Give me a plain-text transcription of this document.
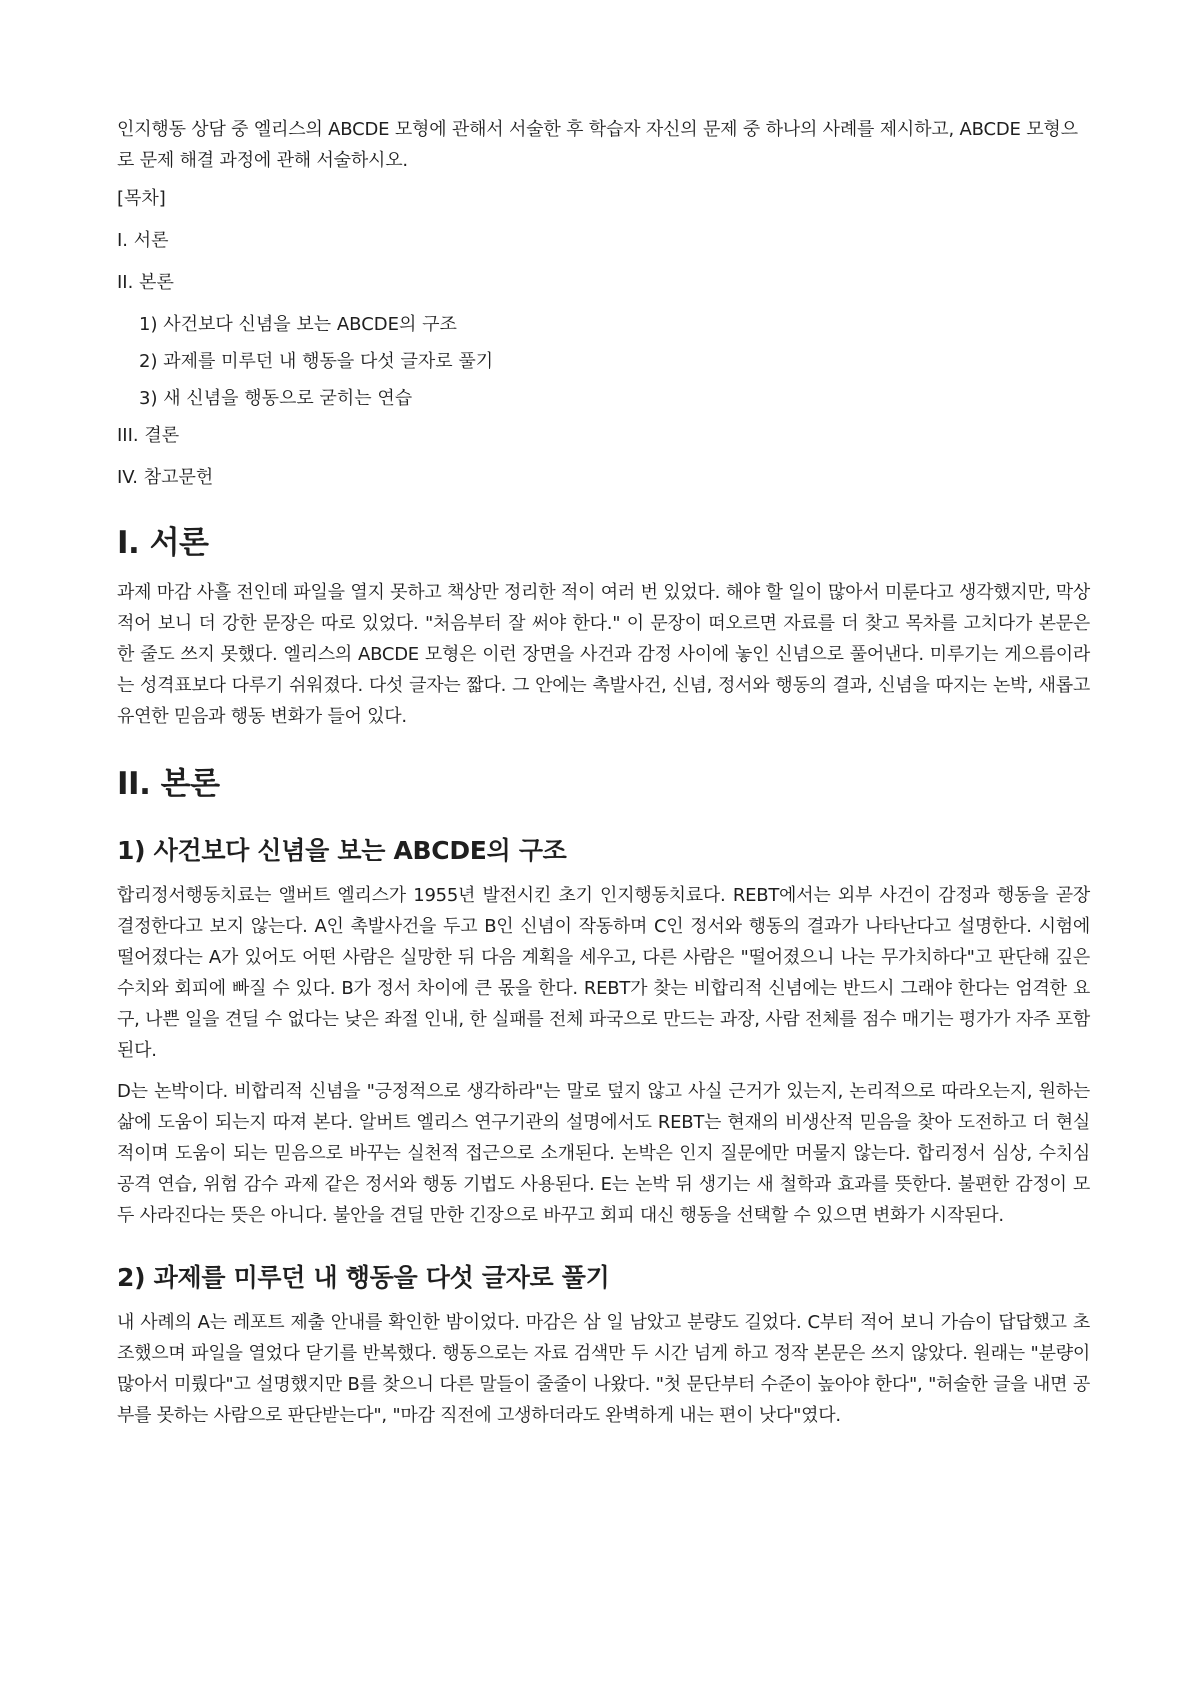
인지행동 상담 중 엘리스의 ABCDE 모형에 관해서 서술한 후 학습자 자신의 문제 중 하나의 사례를 제시하고, ABCDE 모형으로 문제 해결 과정에 관해 서술하시오.

[목차]

I. 서론

II. 본론

1) 사건보다 신념을 보는 ABCDE의 구조

2) 과제를 미루던 내 행동을 다섯 글자로 풀기

3) 새 신념을 행동으로 굳히는 연습

III. 결론

IV. 참고문헌

I. 서론

과제 마감 사흘 전인데 파일을 열지 못하고 책상만 정리한 적이 여러 번 있었다. 해야 할 일이 많아서 미룬다고 생각했지만, 막상 적어 보니 더 강한 문장은 따로 있었다. "처음부터 잘 써야 한다." 이 문장이 떠오르면 자료를 더 찾고 목차를 고치다가 본문은 한 줄도 쓰지 못했다. 엘리스의 ABCDE 모형은 이런 장면을 사건과 감정 사이에 놓인 신념으로 풀어낸다. 미루기는 게으름이라는 성격표보다 다루기 쉬워졌다. 다섯 글자는 짧다. 그 안에는 촉발사건, 신념, 정서와 행동의 결과, 신념을 따지는 논박, 새롭고 유연한 믿음과 행동 변화가 들어 있다.

II. 본론
1) 사건보다 신념을 보는 ABCDE의 구조

합리정서행동치료는 앨버트 엘리스가 1955년 발전시킨 초기 인지행동치료다. REBT에서는 외부 사건이 감정과 행동을 곧장 결정한다고 보지 않는다. A인 촉발사건을 두고 B인 신념이 작동하며 C인 정서와 행동의 결과가 나타난다고 설명한다. 시험에 떨어졌다는 A가 있어도 어떤 사람은 실망한 뒤 다음 계획을 세우고, 다른 사람은 "떨어졌으니 나는 무가치하다"고 판단해 깊은 수치와 회피에 빠질 수 있다. B가 정서 차이에 큰 몫을 한다. REBT가 찾는 비합리적 신념에는 반드시 그래야 한다는 엄격한 요구, 나쁜 일을 견딜 수 없다는 낮은 좌절 인내, 한 실패를 전체 파국으로 만드는 과장, 사람 전체를 점수 매기는 평가가 자주 포함된다.

D는 논박이다. 비합리적 신념을 "긍정적으로 생각하라"는 말로 덮지 않고 사실 근거가 있는지, 논리적으로 따라오는지, 원하는 삶에 도움이 되는지 따져 본다. 알버트 엘리스 연구기관의 설명에서도 REBT는 현재의 비생산적 믿음을 찾아 도전하고 더 현실적이며 도움이 되는 믿음으로 바꾸는 실천적 접근으로 소개된다. 논박은 인지 질문에만 머물지 않는다. 합리정서 심상, 수치심 공격 연습, 위험 감수 과제 같은 정서와 행동 기법도 사용된다. E는 논박 뒤 생기는 새 철학과 효과를 뜻한다. 불편한 감정이 모두 사라진다는 뜻은 아니다. 불안을 견딜 만한 긴장으로 바꾸고 회피 대신 행동을 선택할 수 있으면 변화가 시작된다.

2) 과제를 미루던 내 행동을 다섯 글자로 풀기

내 사례의 A는 레포트 제출 안내를 확인한 밤이었다. 마감은 삼 일 남았고 분량도 길었다. C부터 적어 보니 가슴이 답답했고 초조했으며 파일을 열었다 닫기를 반복했다. 행동으로는 자료 검색만 두 시간 넘게 하고 정작 본문은 쓰지 않았다. 원래는 "분량이 많아서 미뤘다"고 설명했지만 B를 찾으니 다른 말들이 줄줄이 나왔다. "첫 문단부터 수준이 높아야 한다", "허술한 글을 내면 공부를 못하는 사람으로 판단받는다", "마감 직전에 고생하더라도 완벽하게 내는 편이 낫다"였다.
